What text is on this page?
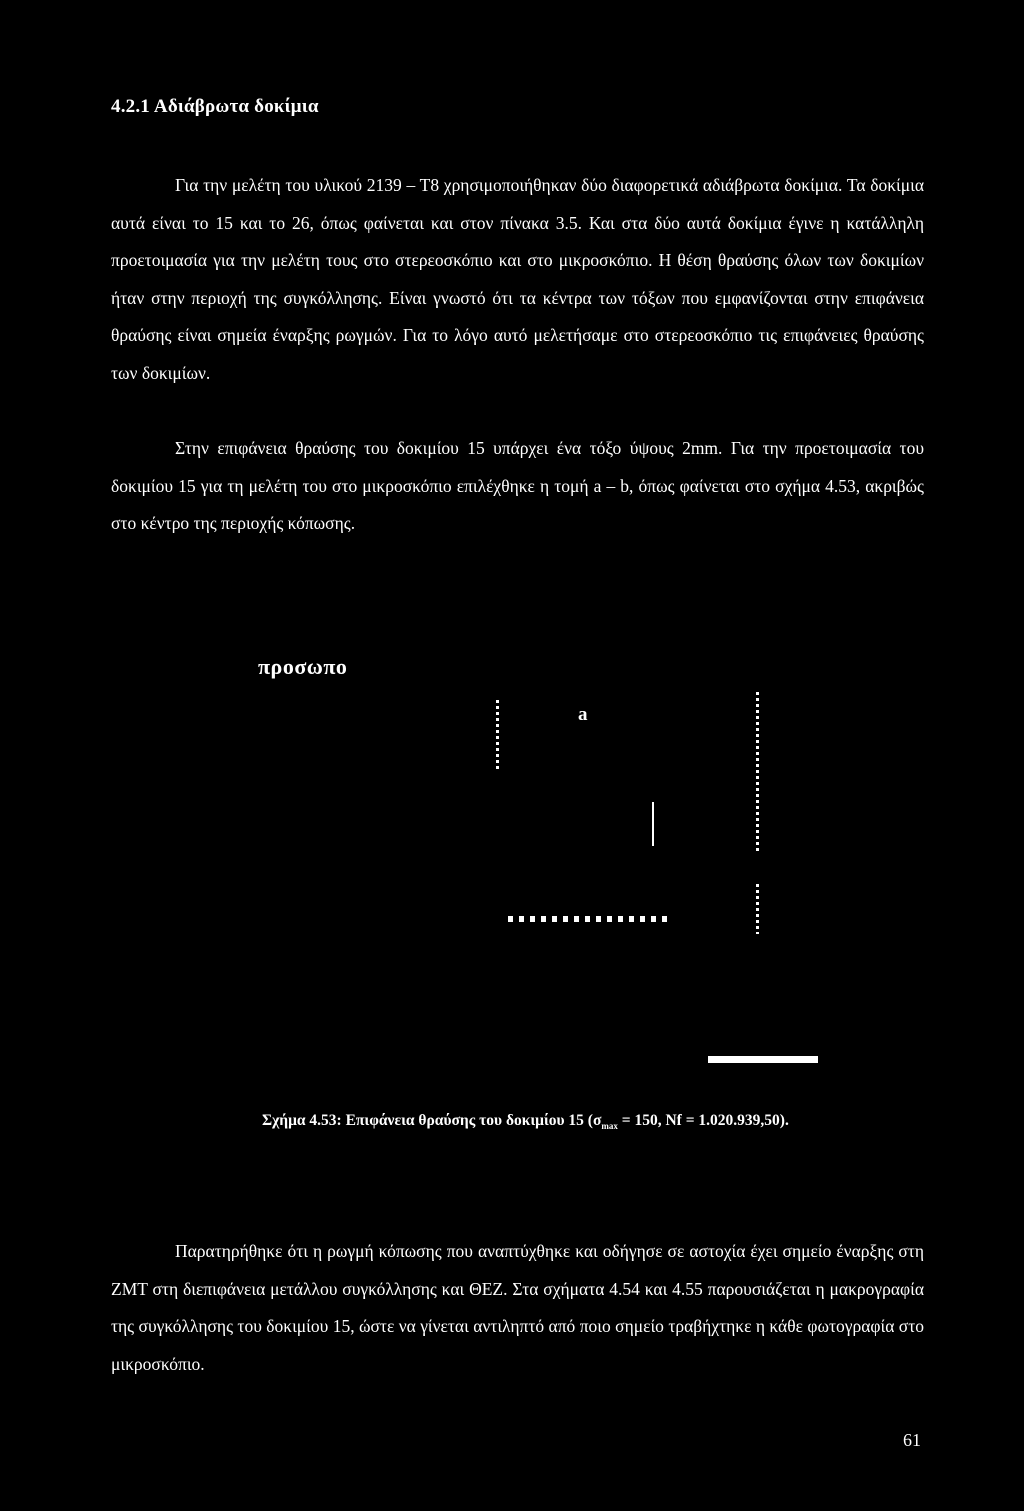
4.2.1 Αδιάβρωτα δοκίμια

Για την μελέτη του υλικού 2139 – Τ8 χρησιμοποιήθηκαν δύο διαφορετικά αδιάβρωτα δοκίμια. Τα δοκίμια αυτά είναι το 15 και το 26, όπως φαίνεται και στον πίνακα 3.5. Και στα δύο αυτά δοκίμια έγινε η κατάλληλη προετοιμασία για την μελέτη τους στο στερεοσκόπιο και στο μικροσκόπιο. Η θέση θραύσης όλων των δοκιμίων ήταν στην περιοχή της συγκόλλησης. Είναι γνωστό ότι τα κέντρα των τόξων που εμφανίζονται στην επιφάνεια θραύσης είναι σημεία έναρξης ρωγμών. Για το λόγο αυτό μελετήσαμε στο στερεοσκόπιο τις επιφάνειες θραύσης των δοκιμίων.

Στην επιφάνεια θραύσης του δοκιμίου 15 υπάρχει ένα τόξο ύψους 2mm. Για την προετοιμασία του δοκιμίου 15 για τη μελέτη του στο μικροσκόπιο επιλέχθηκε η τομή a – b, όπως φαίνεται στο σχήμα 4.53, ακριβώς στο κέντρο της περιοχής κόπωσης.

προσωπο
a
Σχήμα 4.53: Επιφάνεια θραύσης του δοκιμίου 15 ($\sigma_{max} = 150$, Nf = 1.020.939,50).

Παρατηρήθηκε ότι η ρωγμή κόπωσης που αναπτύχθηκε και οδήγησε σε αστοχία έχει σημείο έναρξης στη ΖΜΤ στη διεπιφάνεια μετάλλου συγκόλλησης και ΘΕΖ. Στα σχήματα 4.54 και 4.55 παρουσιάζεται η μακρογραφία της συγκόλλησης του δοκιμίου 15, ώστε να γίνεται αντιληπτό από ποιο σημείο τραβήχτηκε η κάθε φωτογραφία στο μικροσκόπιο.

61
